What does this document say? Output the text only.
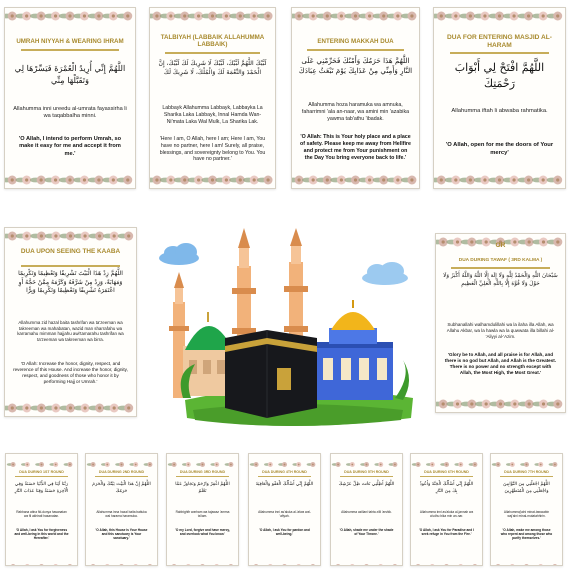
UMRAH NIYYAH & WEARING IHRAM
اللَّهُمَّ إِنِّي أُرِيدُ الْعُمْرَةَ فَيَسِّرْهَا لِي وَتَقَبَّلْهَا مِنِّي
Allahumma inni ureedu al-umrata fayassirha li wa taqabbalha minni.
'O Allah, I intend to perform Umrah, so make it easy for me and accept it from me.'
TALBIYAH (LABBAIK ALLAHUMMA LABBAIK)
لَبَّيْكَ اللَّهُمَّ لَبَّيْكَ، لَبَّيْكَ لَا شَرِيكَ لَكَ لَبَّيْكَ، إِنَّ الْحَمْدَ وَالنِّعْمَةَ لَكَ وَالْمُلْكَ، لَا شَرِيكَ لَكَ
Labbayk Allahumma Labbayk, Labbayka La Sharika Laka Labbayk, Innal Hamda Wan-Ni'mata Laka Wal Mulk, La Sharika Lak.
'Here I am, O Allah, here I am; Here I am, You have no partner, here I am! Surely, all praise, blessings, and sovereignty belong to You. You have no partner.'
ENTERING MAKKAH DUA
اللَّهُمَّ هَذَا حَرَمُكَ وَأَمْنُكَ فَحَرِّمْنِي عَلَى النَّارِ وَأَمِنِّي مِنْ عَذَابِكَ يَوْمَ تَبْعَثُ عِبَادَكَ
Allahumma hoza haramuka wa amnuka, faharrimni 'ala an-naar, wa amini min 'azabika yawma tab'athu 'ibadak.
'O Allah: This is Your holy place and a place of safety. Please keep me away from Hellfire and protect me from Your punishment on the Day You bring everyone back to life.'
DUA FOR ENTERING MASJID AL-HARAM
اللَّهُمَّ افْتَحْ لِي أَبْوَابَ رَحْمَتِكَ
Allahumma iftah li abwaba rahmatika.
'O Allah, open for me the doors of Your mercy'
DUA UPON SEEING THE KAABA
اللَّهُمَّ زِدْ هَذَا الْبَيْتَ تَشْرِيفًا وَتَعْظِيمًا وَتَكْرِيمًا وَمَهَابَةً، وَزِدْ مِنْ شَرَّفَهُ وَكَرَّمَهُ مِمَّنْ حَجَّهُ أَوِ اعْتَمَرَهُ تَشْرِيفًا وَتَعْظِيمًا وَتَكْرِيمًا وَبِرًّا
Allahumma zid hazal baita tashrifan wa ta'zeeman wa takreeman wa mahabatan, wazid man sharrafahu wa karramahu mimman hajjahu awi'tamarahu tashrifan wa ta'zeeman wa takreeman wa birra.
'O Allah: Increase the honor, dignity, respect, and reverence of this House. And increase the honor, dignity, respect, and goodness of those who honor it by performing Hajj or Umrah.'
OR
DUA DURING TAWAF ( 3RD KALMA )
سُبْحَانَ اللَّهِ وَالْحَمْدُ لِلَّهِ وَلَا إِلَهَ إِلَّا اللَّهُ وَاللَّهُ أَكْبَرُ وَلَا حَوْلَ وَلَا قُوَّةَ إِلَّا بِاللَّهِ الْعَلِيِّ الْعَظِيمِ
Subhanallahi walhamdulillahi wa la ilaha illa Allah, wa Allahu Akbar, wa la hawla wa la quwwata illa billahi al-'Aliyyi al-'Azim.
'Glory be to Allah, and all praise is for Allah, and there is no god but Allah, and Allah is the Greatest. There is no power and no strength except with Allah, the Most High, the Most Great.'
DUA DURING 1ST ROUND
رَبَّنَا آتِنَا فِي الدُّنْيَا حَسَنَةً وَفِي الْآخِرَةِ حَسَنَةً وَقِنَا عَذَابَ النَّارِ
Rabbana atina fid-dunya hasanatan wa fil akhirati hasanatan.
'O Allah, I ask You for forgiveness and well-being in this world and the Hereafter.'
DUA DURING 2ND ROUND
اللَّهُمَّ إِنَّ هَذَا الْبَيْتَ بَيْتُكَ وَالْحَرَمَ حَرَمُكَ
Allahumma inna hazal baita baituka wal harama haramuka.
'O Allah, this House is Your House and this sanctuary is Your sanctuary.'
DUA DURING 3RD ROUND
اللَّهُمَّ اغْفِرْ وَارْحَمْ وَتَجَاوَزْ عَمَّا تَعْلَمُ
Rabbighfir warham wa tajawaz 'amma ta'lam.
'O my Lord, forgive and have mercy, and overlook what You know.'
DUA DURING 4TH ROUND
اللَّهُمَّ إِنِّي أَسْأَلُكَ الْعَفْوَ وَالْعَافِيَةَ
Allahumma inni as'aluka al-'afwa wal-'afiyah.
'O Allah, I ask You for pardon and well-being.'
DUA DURING 5TH ROUND
اللَّهُمَّ أَظِلَّنِي تَحْتَ ظِلِّ عَرْشِكَ
Allahumma azillani tahta zilli 'arshik.
'O Allah, shade me under the shade of Your Throne.'
DUA DURING 6TH ROUND
اللَّهُمَّ إِنِّي أَسْأَلُكَ الْجَنَّةَ وَأَعُوذُ بِكَ مِنَ النَّارِ
Allahumma inni as'aluka al-jannah wa a'udhu bika min an-nar.
'O Allah, I ask You for Paradise and I seek refuge in You from the Fire.'
DUA DURING 7TH ROUND
اللَّهُمَّ اجْعَلْنِي مِنَ التَّوَّابِينَ وَاجْعَلْنِي مِنَ الْمُتَطَهِّرِينَ
Allahummaj'alni minat-tawwabin waj'alni minal-mutatahhirin.
'O Allah, make me among those who repent and among those who purify themselves.'
